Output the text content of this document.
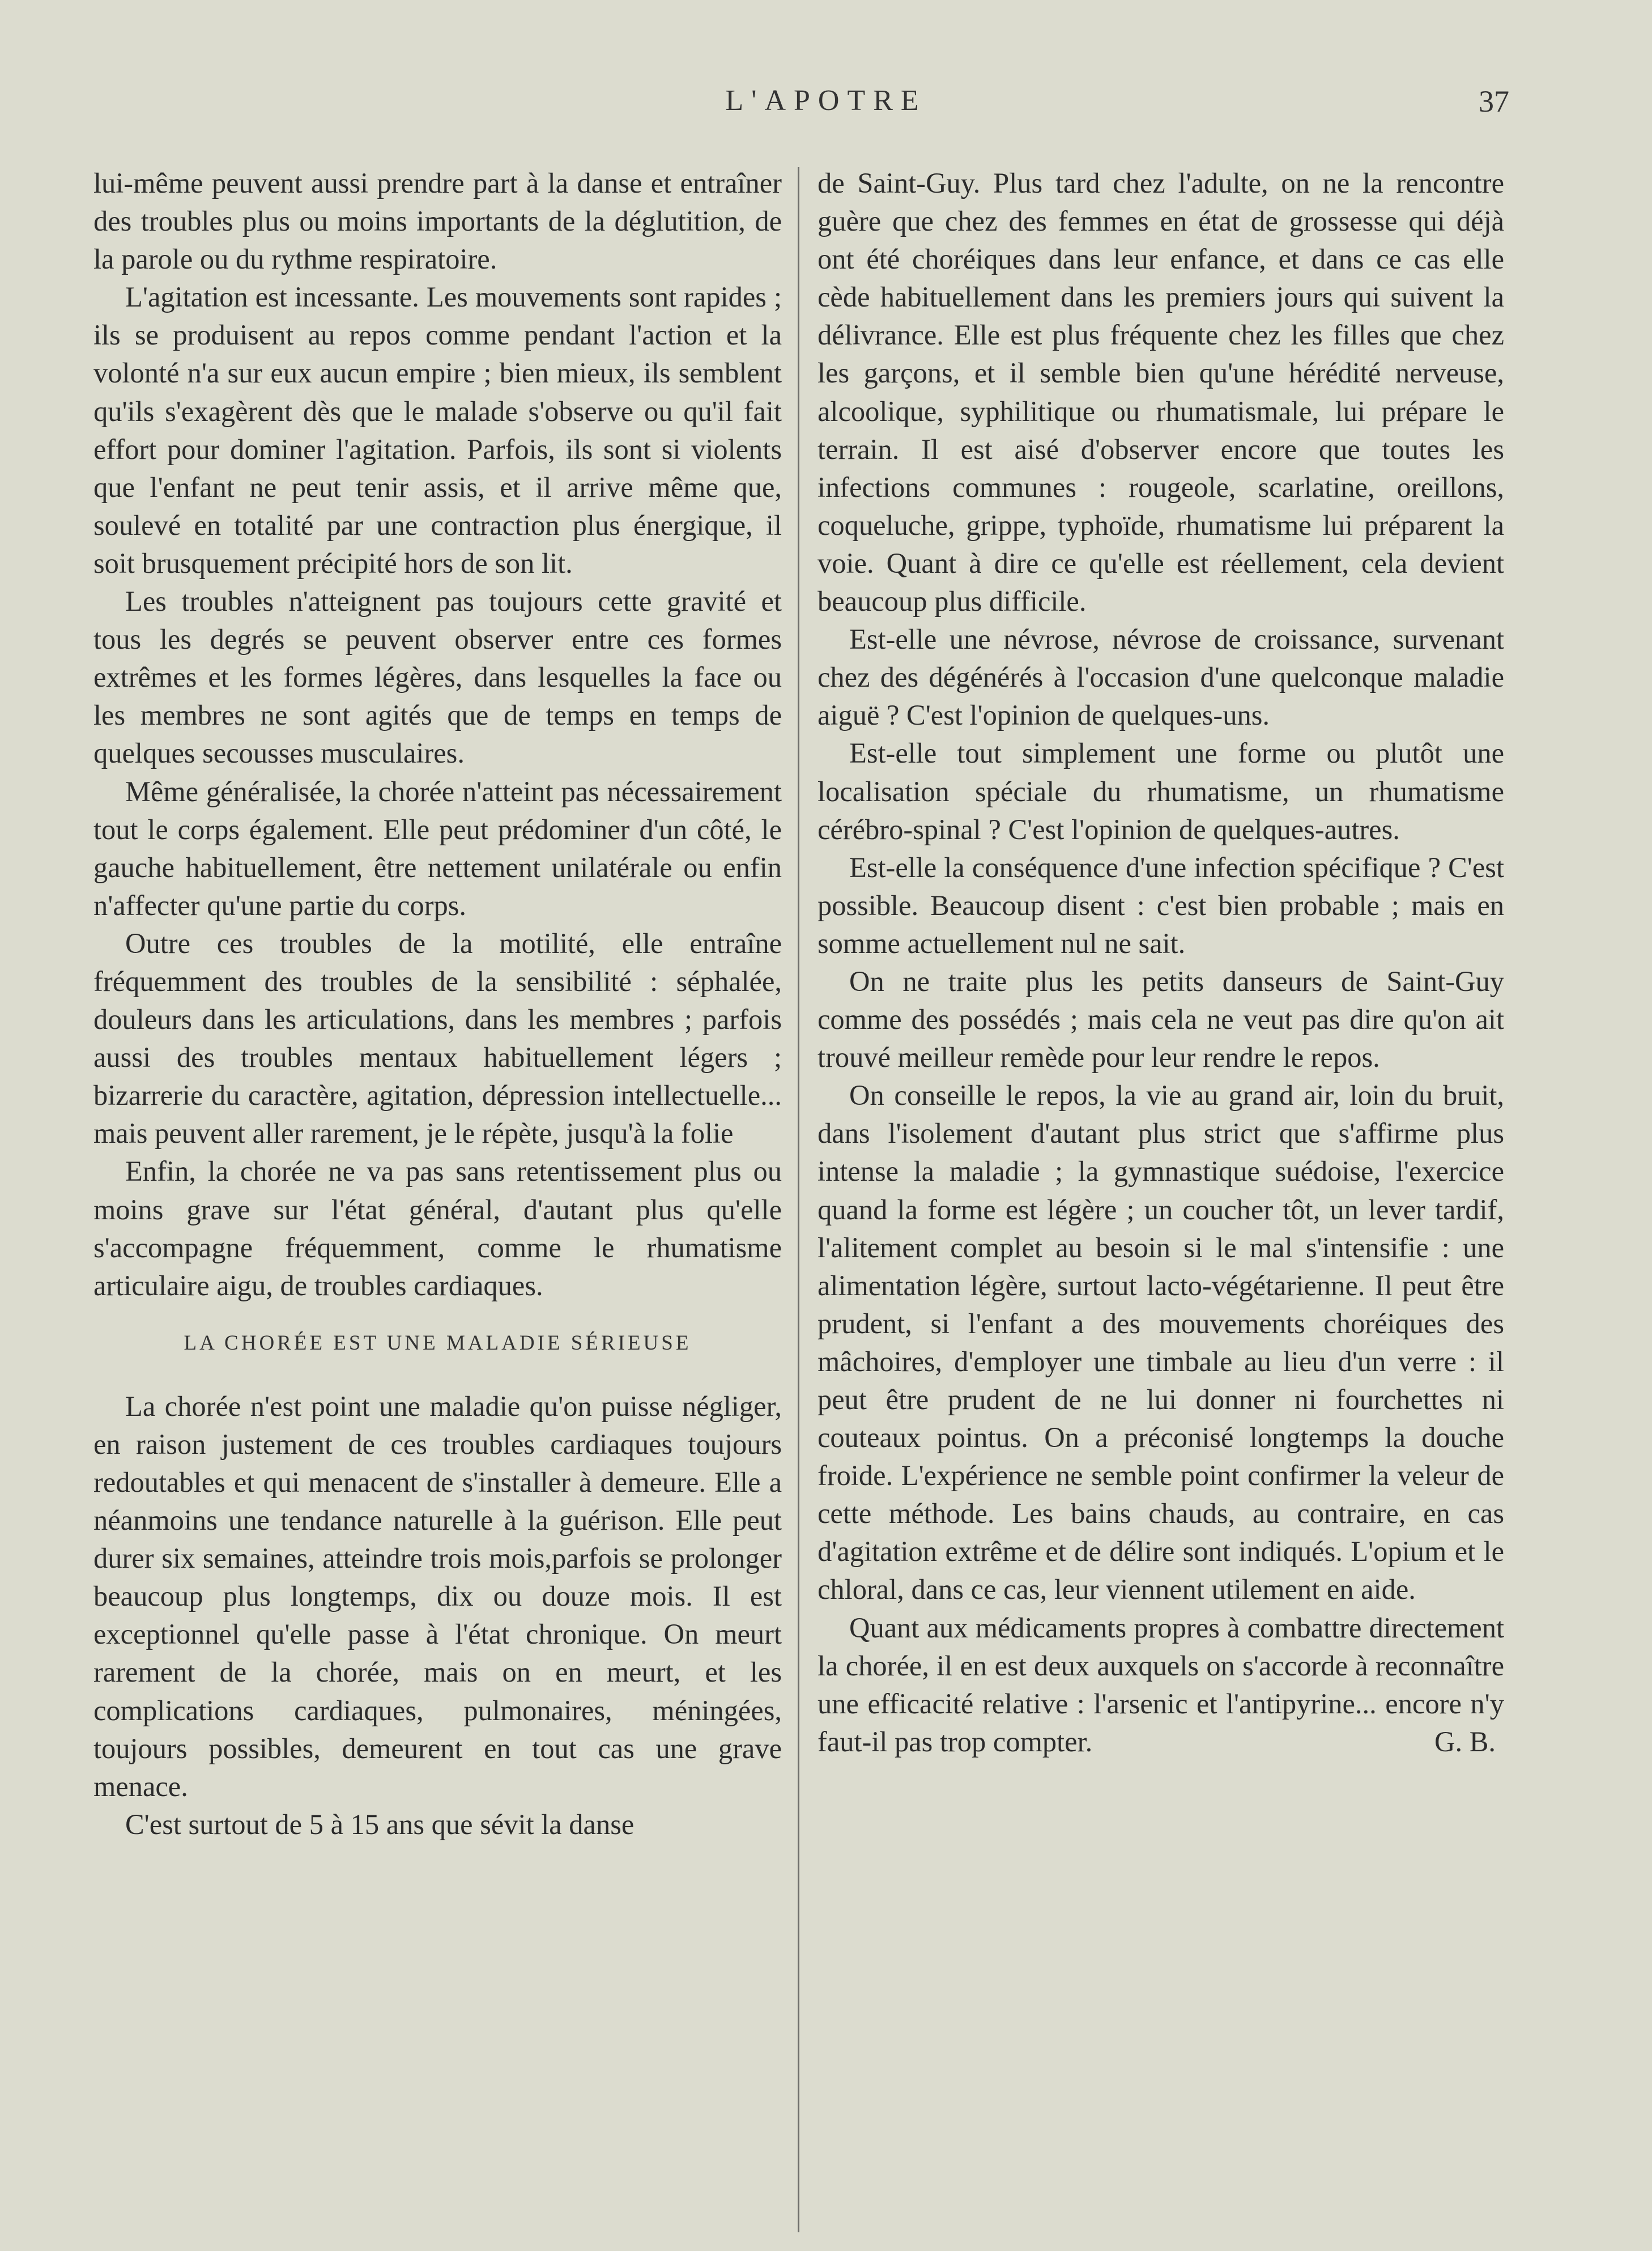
L'APOTRE	37

lui-même peuvent aussi prendre part à la danse et entraîner des troubles plus ou moins importants de la déglutition, de la parole ou du rythme respiratoire.

L'agitation est incessante. Les mouvements sont rapides ; ils se produisent au repos comme pendant l'action et la volonté n'a sur eux aucun empire ; bien mieux, ils semblent qu'ils s'exagèrent dès que le malade s'observe ou qu'il fait effort pour dominer l'agitation. Parfois, ils sont si violents que l'enfant ne peut tenir assis, et il arrive même que, soulevé en totalité par une contraction plus énergique, il soit brusquement précipité hors de son lit.

Les troubles n'atteignent pas toujours cette gravité et tous les degrés se peuvent observer entre ces formes extrêmes et les formes légères, dans lesquelles la face ou les membres ne sont agités que de temps en temps de quelques secousses musculaires.

Même généralisée, la chorée n'atteint pas nécessairement tout le corps également. Elle peut prédominer d'un côté, le gauche habituellement, être nettement unilatérale ou enfin n'affecter qu'une partie du corps.

Outre ces troubles de la motilité, elle entraîne fréquemment des troubles de la sensibilité : séphalée, douleurs dans les articulations, dans les membres ; parfois aussi des troubles mentaux habituellement légers ; bizarrerie du caractère, agitation, dépression intellectuelle... mais peuvent aller rarement, je le répète, jusqu'à la folie

Enfin, la chorée ne va pas sans retentissement plus ou moins grave sur l'état général, d'autant plus qu'elle s'accompagne fréquemment, comme le rhumatisme articulaire aigu, de troubles cardiaques.

LA CHORÉE EST UNE MALADIE SÉRIEUSE

La chorée n'est point une maladie qu'on puisse négliger, en raison justement de ces troubles cardiaques toujours redoutables et qui menacent de s'installer à demeure. Elle a néanmoins une tendance naturelle à la guérison. Elle peut durer six semaines, atteindre trois mois,parfois se prolonger beaucoup plus longtemps, dix ou douze mois. Il est exceptionnel qu'elle passe à l'état chronique. On meurt rarement de la chorée, mais on en meurt, et les complications cardiaques, pulmonaires, méningées, toujours possibles, demeurent en tout cas une grave menace.

C'est surtout de 5 à 15 ans que sévit la danse

de Saint-Guy. Plus tard chez l'adulte, on ne la rencontre guère que chez des femmes en état de grossesse qui déjà ont été choréiques dans leur enfance, et dans ce cas elle cède habituellement dans les premiers jours qui suivent la délivrance. Elle est plus fréquente chez les filles que chez les garçons, et il semble bien qu'une hérédité nerveuse, alcoolique, syphilitique ou rhumatismale, lui prépare le terrain. Il est aisé d'observer encore que toutes les infections communes : rougeole, scarlatine, oreillons, coqueluche, grippe, typhoïde, rhumatisme lui préparent la voie. Quant à dire ce qu'elle est réellement, cela devient beaucoup plus difficile.

Est-elle une névrose, névrose de croissance, survenant chez des dégénérés à l'occasion d'une quelconque maladie aiguë ? C'est l'opinion de quelques-uns.

Est-elle tout simplement une forme ou plutôt une localisation spéciale du rhumatisme, un rhumatisme cérébro-spinal ? C'est l'opinion de quelques-autres.

Est-elle la conséquence d'une infection spécifique ? C'est possible. Beaucoup disent : c'est bien probable ; mais en somme actuellement nul ne sait.

On ne traite plus les petits danseurs de Saint-Guy comme des possédés ; mais cela ne veut pas dire qu'on ait trouvé meilleur remède pour leur rendre le repos.

On conseille le repos, la vie au grand air, loin du bruit, dans l'isolement d'autant plus strict que s'affirme plus intense la maladie ; la gymnastique suédoise, l'exercice quand la forme est légère ; un coucher tôt, un lever tardif, l'alitement complet au besoin si le mal s'intensifie : une alimentation légère, surtout lacto-végétarienne. Il peut être prudent, si l'enfant a des mouvements choréiques des mâchoires, d'employer une timbale au lieu d'un verre : il peut être prudent de ne lui donner ni fourchettes ni couteaux pointus. On a préconisé longtemps la douche froide. L'expérience ne semble point confirmer la veleur de cette méthode. Les bains chauds, au contraire, en cas d'agitation extrême et de délire sont indiqués. L'opium et le chloral, dans ce cas, leur viennent utilement en aide.

Quant aux médicaments propres à combattre directement la chorée, il en est deux auxquels on s'accorde à reconnaître une efficacité relative : l'arsenic et l'antipyrine... encore n'y faut-il pas trop compter.	G. B.
